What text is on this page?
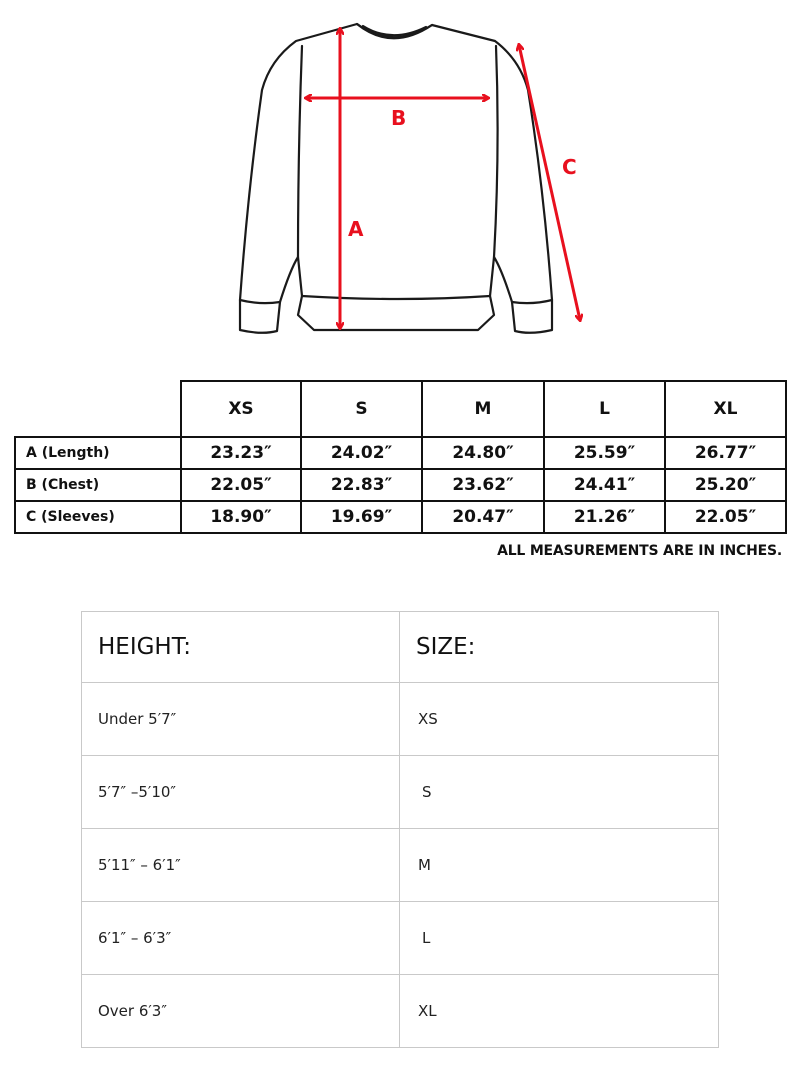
A
B
C
	XS	S	M	L	XL
A (Length)	23.23″	24.02″	24.80″	25.59″	26.77″
B (Chest)	22.05″	22.83″	23.62″	24.41″	25.20″
C (Sleeves)	18.90″	19.69″	20.47″	21.26″	22.05″
ALL MEASUREMENTS ARE IN INCHES.
HEIGHT:	SIZE:
Under 5′7″	XS
5′7″ –5′10″	S
5′11″ – 6′1″	M
6′1″ – 6′3″	L
Over 6′3″	XL
